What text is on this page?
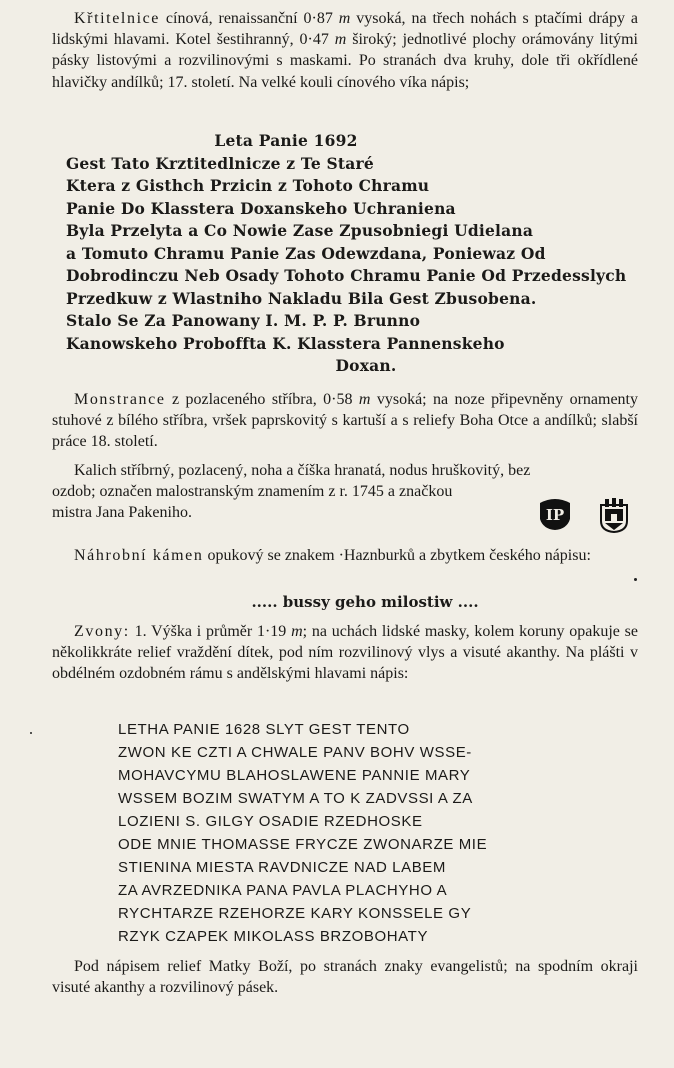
Křtitelnice cínová, renaissanční 0·87 m vysoká, na třech nohách s ptačími drápy a lidskými hlavami. Kotel šestihranný, 0·47 m široký; jednotlivé plochy orámovány litými pásky listovými a rozvilinovými s maskami. Po stranách dva kruhy, dole tři okřídlené hlavičky andílků; 17. století. Na velké kouli cínového víka nápis;
Leta Panie 1692
Gest Tato Krztitedlnicze z Te Staré
Ktera z Gisthch Przicin z Tohoto Chramu
Panie Do Klasstera Doxanskeho Uchraniena
Byla Przelyta a Co Nowie Zase Zpusobniegi Udielana
a Tomuto Chramu Panie Zas Odewzdana, Poniewaz Od
Dobrodinczu Neb Osady Tohoto Chramu Panie Od Przedesslych
Przedkuw z Wlastniho Nakladu Bila Gest Zbusobena.
Stalo Se Za Panowany I. M. P. P. Brunno
Kanowskeho Proboffta K. Klasstera Pannenskeho
Doxan.
Monstrance z pozlaceného stříbra, 0·58 m vysoká; na noze připevněny ornamenty stuhové z bílého stříbra, vršek paprskovitý s kartuší a s reliefy Boha Otce a andílků; slabší práce 18. století.
Kalich stříbrný, pozlacený, noha a číška hranatá, nodus hruškovitý, bez
ozdob; označen malostranským znamením z r. 1745 a značkou
mistra Jana Pakeniho.	IP
Náhrobní kámen opukový se znakem ·Haznburků a zbytkem českého nápisu:
..... bussy geho milostiw ....
Zvony: 1. Výška i průměr 1·19 m; na uchách lidské masky, kolem koruny opakuje se několikkráte relief vraždění dítek, pod ním rozvilinový vlys a visuté akanthy. Na plášti v obdélném ozdobném rámu s andělskými hlavami nápis:
LETHA PANIE 1628 SLYT GEST TENTO
ZWON KE CZTI A CHWALE PANV BOHV WSSE-
MOHAVCYMU BLAHOSLAWENE PANNIE MARY
WSSEM BOZIM SWATYM A TO K ZADVSSI A ZA
LOZIENI S. GILGY OSADIE RZEDHOSKE
ODE MNIE THOMASSE FRYCZE ZWONARZE MIE
STIENINA MIESTA RAVDNICZE NAD LABEM
ZA AVRZEDNIKA PANA PAVLA PLACHYHO A
RYCHTARZE RZEHORZE KARY KONSSELE GY
RZYK CZAPEK MIKOLASS BRZOBOHATY
Pod nápisem relief Matky Boží, po stranách znaky evangelistů; na spodním okraji visuté akanthy a rozvilinový pásek.
